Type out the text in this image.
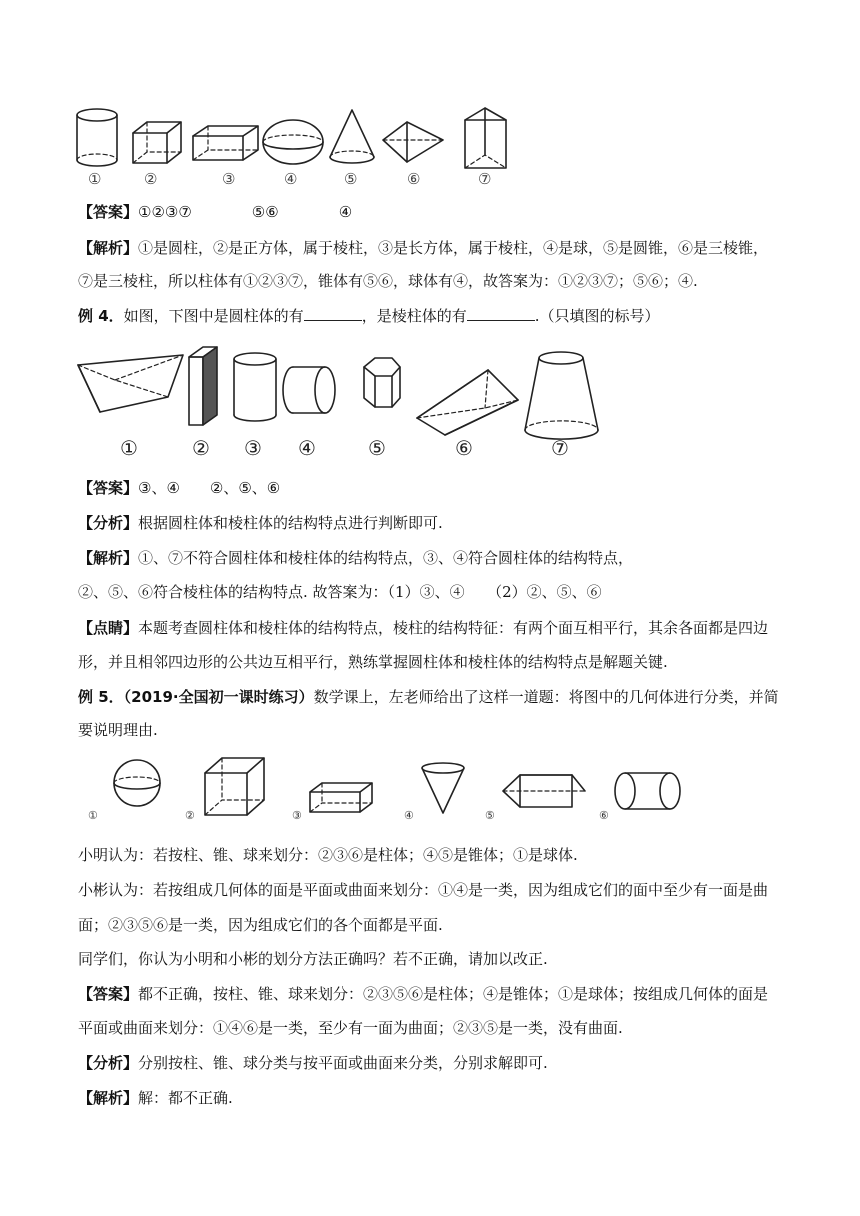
①	②	③	④	⑤	⑥	⑦
【答案】①②③⑦　　　　⑤⑥　　　　④
【解析】①是圆柱，②是正方体，属于棱柱，③是长方体，属于棱柱，④是球，⑤是圆锥，⑥是三棱锥，
⑦是三棱柱，所以柱体有①②③⑦，锥体有⑤⑥，球体有④，故答案为：①②③⑦；⑤⑥；④.
例 4．如图，下图中是圆柱体的有	，是棱柱体的有	.（只填图的标号）
①	② ③ ④	⑤	⑥	⑦
【答案】③、④　　②、⑤、⑥
【分析】根据圆柱体和棱柱体的结构特点进行判断即可.
【解析】①、⑦不符合圆柱体和棱柱体的结构特点，③、④符合圆柱体的结构特点，
②、⑤、⑥符合棱柱体的结构特点. 故答案为：（1）③、④　　（2）②、⑤、⑥
【点睛】本题考查圆柱体和棱柱体的结构特点，棱柱的结构特征：有两个面互相平行，其余各面都是四边
形，并且相邻四边形的公共边互相平行，熟练掌握圆柱体和棱柱体的结构特点是解题关键.
例 5．（2019·全国初一课时练习）数学课上，左老师给出了这样一道题：将图中的几何体进行分类，并简
要说明理由.
①	②	③	④	⑤	⑥
小明认为：若按柱、锥、球来划分：②③⑥是柱体；④⑤是锥体；①是球体.
小彬认为：若按组成几何体的面是平面或曲面来划分：①④是一类，因为组成它们的面中至少有一面是曲
面；②③⑤⑥是一类，因为组成它们的各个面都是平面.
同学们，你认为小明和小彬的划分方法正确吗？若不正确，请加以改正.
【答案】都不正确，按柱、锥、球来划分：②③⑤⑥是柱体；④是锥体；①是球体；按组成几何体的面是
平面或曲面来划分：①④⑥是一类，至少有一面为曲面；②③⑤是一类，没有曲面.
【分析】分别按柱、锥、球分类与按平面或曲面来分类，分别求解即可.
【解析】解：都不正确.
